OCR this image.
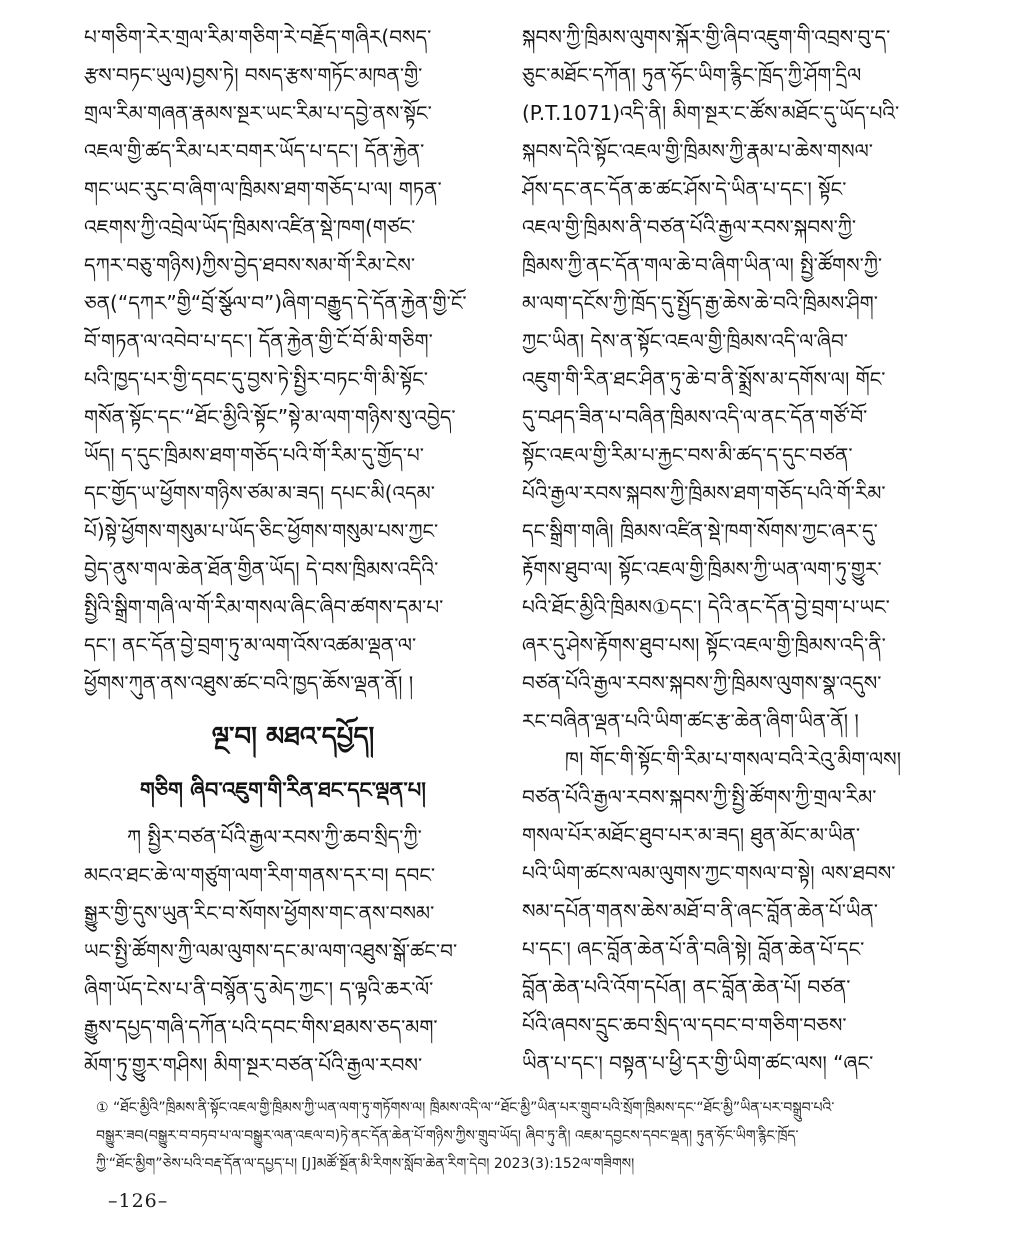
པ་གཅིག་རེར་གྲལ་རིམ་གཅིག་རེ་བརྗོད་གཞིར(བསད་
རྩས་བཏང་ཡུལ)བྱས་ཏེ། བསད་རྩས་གཏོང་མཁན་གྱི་
གྲལ་རིམ་གཞན་རྣམས་སྔར་ཡང་རིམ་པ་དབྱེ་ནས་སྟོང་
འཇལ་གྱི་ཚད་རིམ་པར་བགར་ཡོད་པ་དང་། དོན་རྐྱེན་
གང་ཡང་རུང་བ་ཞིག་ལ་ཁྲིམས་ཐག་གཅོད་པ་ལ། གཏན་
འཇགས་ཀྱི་འབྲེལ་ཡོད་ཁྲིམས་འཛིན་སྡེ་ཁག(གཙང་
དཀར་བཅུ་གཉིས)ཀྱིས་བྱེད་ཐབས་སམ་གོ་རིམ་ངེས་
ཅན(“དཀར”གྱི“བྲོ་སྩོལ་བ”)ཞིག་བརྒྱུད་དེ་དོན་རྐྱེན་གྱི་ངོ་
བོ་གཏན་ལ་འབེབ་པ་དང་། དོན་རྐྱེན་གྱི་ངོ་བོ་མི་གཅིག་
པའི་ཁྱད་པར་གྱི་དབང་དུ་བྱས་ཏེ་སྤྱིར་བཏང་གི་མི་སྟོང་
གསོན་སྟོང་དང་“ཐོང་མྱིའི་སྟོང”སྟེ་མ་ལག་གཉིས་སུ་འབྱེད་
ཡོད། ད་དུང་ཁྲིམས་ཐག་གཅོད་པའི་གོ་རིམ་དུ་གྱོད་པ་
དང་གྱོད་ཡ་ཕྱོགས་གཉིས་ཙམ་མ་ཟད། དཔང་མི(འདམ་
པོ)སྟེ་ཕྱོགས་གསུམ་པ་ཡོད་ཅིང་ཕྱོགས་གསུམ་པས་ཀྱང་
བྱེད་ནུས་གལ་ཆེན་ཐོན་གྱིན་ཡོད། དེ་བས་ཁྲིམས་འདིའི་
སྤྱིའི་སྒྲིག་གཞི་ལ་གོ་རིམ་གསལ་ཞིང་ཞིབ་ཚགས་དམ་པ་
དང་། ནང་དོན་བྱེ་བྲག་ཏུ་མ་ལག་འོས་འཚམ་ལྡན་ལ་
ཕྱོགས་ཀུན་ནས་འཐུས་ཚང་བའི་ཁྱད་ཆོས་ལྡན་ནོ། །
ལྔ་བ། མཐའ་དཔྱོད།
གཅིག ཞིབ་འཇུག་གི་རིན་ཐང་དང་ལྡན་པ།
ཀ སྤྱིར་བཙན་པོའི་རྒྱལ་རབས་ཀྱི་ཆབ་སྲིད་ཀྱི་
མངའ་ཐང་ཆེ་ལ་གཙུག་ལག་རིག་གནས་དར་བ། དབང་
སྒྱུར་གྱི་དུས་ཡུན་རིང་བ་སོགས་ཕྱོགས་གང་ནས་བསམ་
ཡང་སྤྱི་ཚོགས་ཀྱི་ལམ་ལུགས་དང་མ་ལག་འཐུས་སྒོ་ཚང་བ་
ཞིག་ཡོད་ངེས་པ་ནི་བསྙོན་དུ་མེད་ཀྱང་། ད་ལྟའི་ཆར་ལོ་
རྒྱུས་དཔྱད་གཞི་དཀོན་པའི་དབང་གིས་ཐམས་ཅད་མག་
མོག་ཏུ་གྱུར་གཤིས། མིག་སྔར་བཙན་པོའི་རྒྱལ་རབས་
སྐབས་ཀྱི་ཁྲིམས་ལུགས་སྐོར་གྱི་ཞིབ་འཇུག་གི་འབྲས་བུ་ད་
ཅུང་མཐོང་དཀོན། ཏུན་ཧོང་ཡིག་རྙིང་ཁྲོད་ཀྱི་ཤོག་དྲིལ
(P.T.1071)འདི་ནི། མིག་སྔར་ང་ཚོས་མཐོང་དུ་ཡོད་པའི་
སྐབས་དེའི་སྟོང་འཇལ་གྱི་ཁྲིམས་ཀྱི་རྣམ་པ་ཆེས་གསལ་
ཤོས་དང་ནང་དོན་ཆ་ཚང་ཤོས་དེ་ཡིན་པ་དང་། སྟོང་
འཇལ་གྱི་ཁྲིམས་ནི་བཙན་པོའི་རྒྱལ་རབས་སྐབས་ཀྱི་
ཁྲིམས་ཀྱི་ནང་དོན་གལ་ཆེ་བ་ཞིག་ཡིན་ལ། སྤྱི་ཚོགས་ཀྱི་
མ་ལག་དངོས་ཀྱི་ཁྲོད་དུ་སྤྱོད་རྒྱ་ཆེས་ཆེ་བའི་ཁྲིམས་ཤིག་
ཀྱང་ཡིན། དེས་ན་སྟོང་འཇལ་གྱི་ཁྲིམས་འདི་ལ་ཞིབ་
འཇུག་གི་རིན་ཐང་ཤིན་ཏུ་ཆེ་བ་ནི་སྨྲོས་མ་དགོས་ལ། གོང་
དུ་བཤད་ཟིན་པ་བཞིན་ཁྲིམས་འདི་ལ་ནང་དོན་གཙོ་བོ་
སྟོང་འཇལ་གྱི་རིམ་པ་རྐྱང་བས་མི་ཚད་ད་དུང་བཙན་
པོའི་རྒྱལ་རབས་སྐབས་ཀྱི་ཁྲིམས་ཐག་གཅོད་པའི་གོ་རིམ་
དང་སྒྲིག་གཞི། ཁྲིམས་འཛིན་སྡེ་ཁག་སོགས་ཀྱང་ཞར་དུ་
རྟོགས་ཐུབ་ལ། སྟོང་འཇལ་གྱི་ཁྲིམས་ཀྱི་ཡན་ལག་ཏུ་གྱུར་
པའི་ཐོང་མྱིའི་ཁྲིམས①དང་། དེའི་ནང་དོན་བྱེ་བྲག་པ་ཡང་
ཞར་དུ་ཤེས་རྟོགས་ཐུབ་པས། སྟོང་འཇལ་གྱི་ཁྲིམས་འདི་ནི་
བཙན་པོའི་རྒྱལ་རབས་སྐབས་ཀྱི་ཁྲིམས་ལུགས་སྣ་འདུས་
རང་བཞིན་ལྡན་པའི་ཡིག་ཚང་རྩ་ཆེན་ཞིག་ཡིན་ནོ། །
ཁ། གོང་གི་སྟོང་གི་རིམ་པ་གསལ་བའི་རེའུ་མིག་ལས།
བཙན་པོའི་རྒྱལ་རབས་སྐབས་ཀྱི་སྤྱི་ཚོགས་ཀྱི་གྲལ་རིམ་
གསལ་པོར་མཐོང་ཐུབ་པར་མ་ཟད། ཐུན་མོང་མ་ཡིན་
པའི་ཡིག་ཚངས་ལམ་ལུགས་ཀྱང་གསལ་བ་སྟེ། ལས་ཐབས་
སམ་དཔོན་གནས་ཆེས་མཐོ་བ་ནི་ཞང་བློན་ཆེན་པོ་ཡིན་
པ་དང་། ཞང་བློན་ཆེན་པོ་ནི་བཞི་སྟེ། བློན་ཆེན་པོ་དང་
བློན་ཆེན་པའི་འོག་དཔོན། ནང་བློན་ཆེན་པོ། བཙན་
པོའི་ཞབས་དྲུང་ཆབ་སྲིད་ལ་དབང་བ་གཅིག་བཅས་
ཡིན་པ་དང་། བསྟན་པ་ཕྱི་དར་གྱི་ཡིག་ཚང་ལས། “ཞང་
① “ཐོང་མྱིའི”ཁྲིམས་ནི་སྟོང་འཇལ་གྱི་ཁྲིམས་ཀྱི་ཡན་ལག་ཏུ་གཏོགས་ལ། ཁྲིམས་འདི་ལ་“ཐོང་མྱི”ཡིན་པར་གྲུབ་པའི་སྲོག་ཁྲིམས་དང་“ཐོང་མྱི”ཡིན་པར་བསྒྲུབ་པའི་
བསྒྱུར་ཟབ(བསྒྱུར་བ་བཏབ་པ་ལ་བསྒྱུར་ལན་འཇལ་བ)ཏེ་ནང་དོན་ཆེན་པོ་གཉིས་ཀྱིས་གྲུབ་ཡོད། ཞིབ་ཏུ་ནི། འཇམ་དབྱངས་དབང་ལྡན། ཏུན་ཧོང་ཡིག་རྙིང་ཁྲོད་
ཀྱི་“ཐོང་མྱིག”ཅེས་པའི་བརྡ་དོན་ལ་དཔྱད་པ། [J]མཚོ་སྔོན་མི་རིགས་སློབ་ཆེན་རིག་དེབ། 2023(3):152ལ་གཟིགས།
–126–
